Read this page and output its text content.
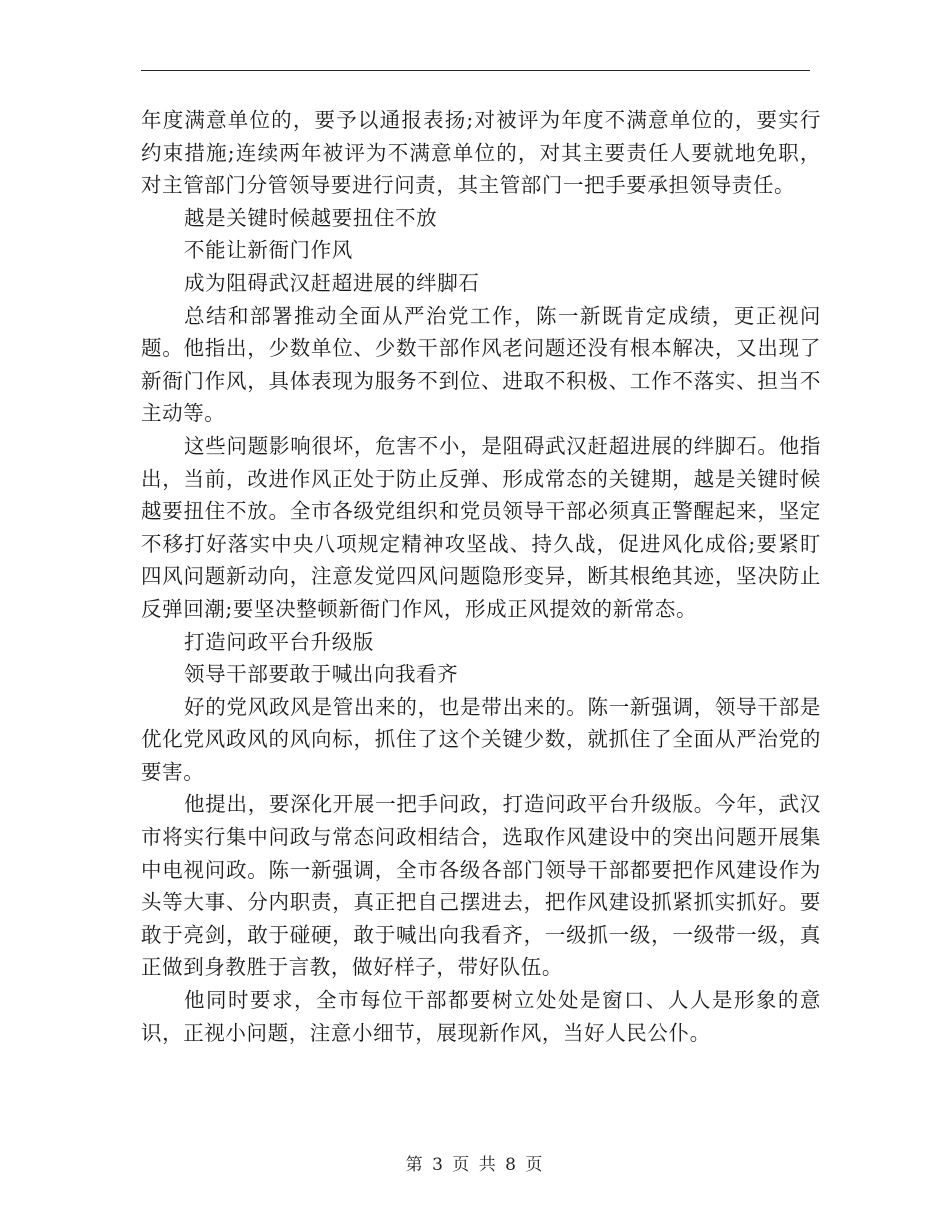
年度满意单位的，要予以通报表扬;对被评为年度不满意单位的，要实行约束措施;连续两年被评为不满意单位的，对其主要责任人要就地免职，对主管部门分管领导要进行问责，其主管部门一把手要承担领导责任。

越是关键时候越要扭住不放

不能让新衙门作风

成为阻碍武汉赶超进展的绊脚石

总结和部署推动全面从严治党工作，陈一新既肯定成绩，更正视问题。他指出，少数单位、少数干部作风老问题还没有根本解决，又出现了新衙门作风，具体表现为服务不到位、进取不积极、工作不落实、担当不主动等。

这些问题影响很坏，危害不小，是阻碍武汉赶超进展的绊脚石。他指出，当前，改进作风正处于防止反弹、形成常态的关键期，越是关键时候越要扭住不放。全市各级党组织和党员领导干部必须真正警醒起来，坚定不移打好落实中央八项规定精神攻坚战、持久战，促进风化成俗;要紧盯四风问题新动向，注意发觉四风问题隐形变异，断其根绝其迹，坚决防止反弹回潮;要坚决整顿新衙门作风，形成正风提效的新常态。

打造问政平台升级版

领导干部要敢于喊出向我看齐

好的党风政风是管出来的，也是带出来的。陈一新强调，领导干部是优化党风政风的风向标，抓住了这个关键少数，就抓住了全面从严治党的要害。

他提出，要深化开展一把手问政，打造问政平台升级版。今年，武汉市将实行集中问政与常态问政相结合，选取作风建设中的突出问题开展集中电视问政。陈一新强调，全市各级各部门领导干部都要把作风建设作为头等大事、分内职责，真正把自己摆进去，把作风建设抓紧抓实抓好。要敢于亮剑，敢于碰硬，敢于喊出向我看齐，一级抓一级，一级带一级，真正做到身教胜于言教，做好样子，带好队伍。

他同时要求，全市每位干部都要树立处处是窗口、人人是形象的意识，正视小问题，注意小细节，展现新作风，当好人民公仆。

第 3 页 共 8 页
